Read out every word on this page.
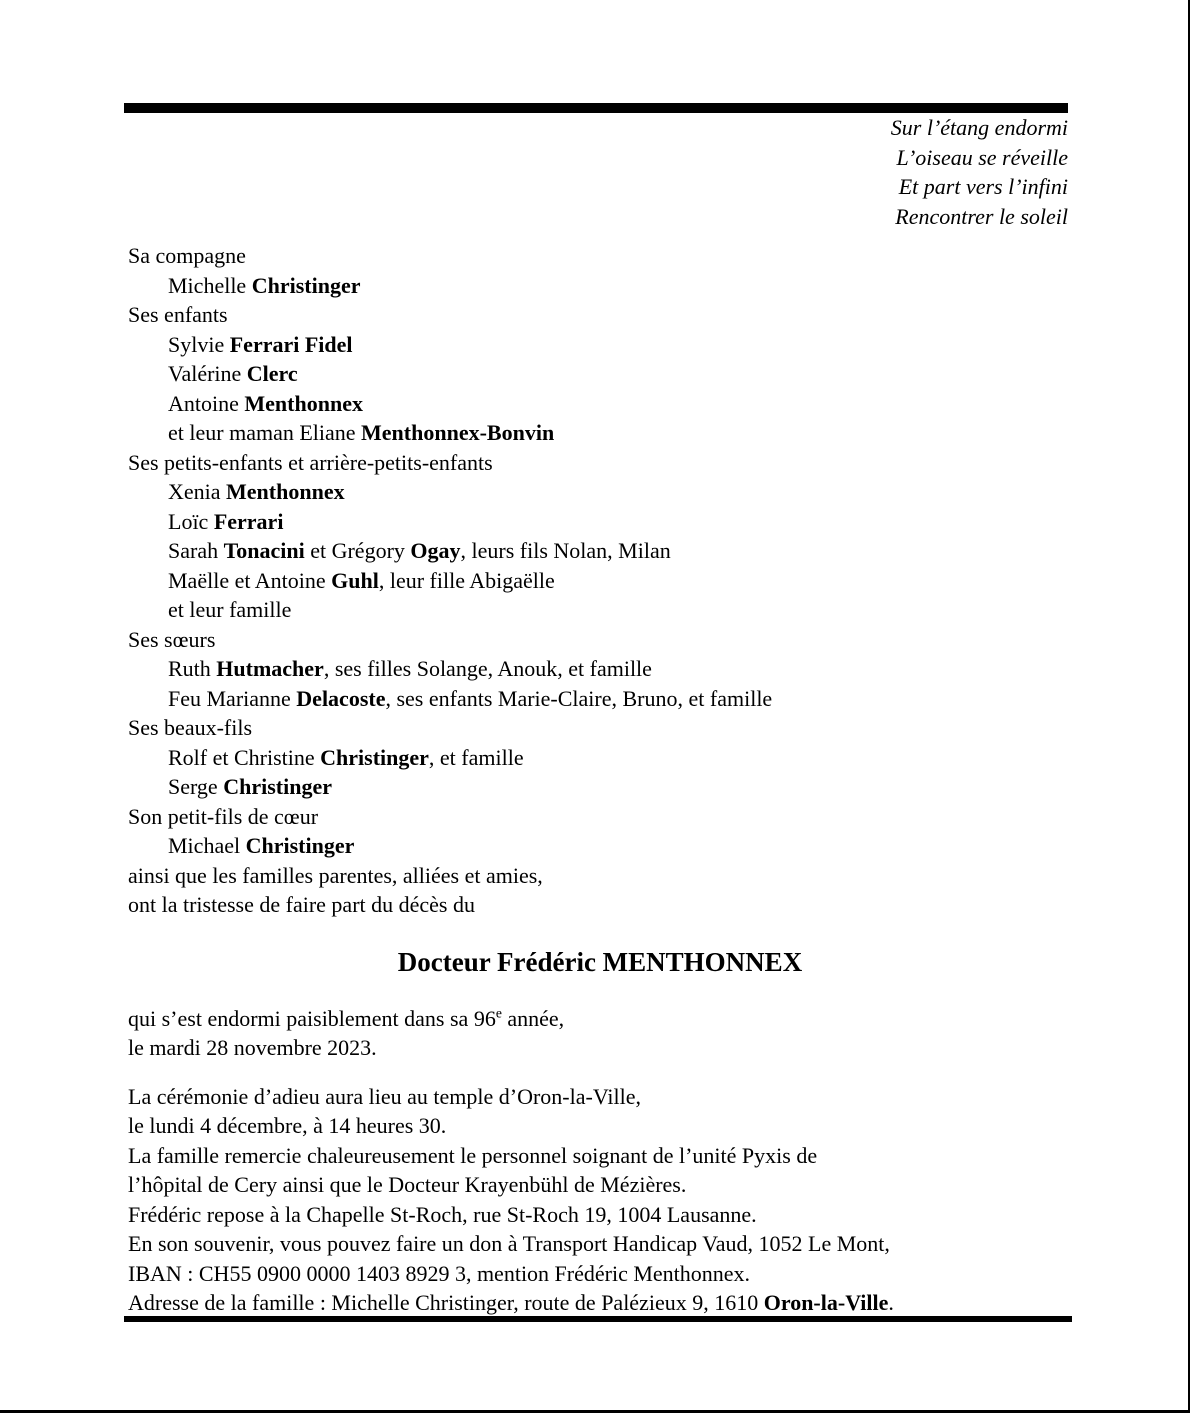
Sur l’étang endormi

L’oiseau se réveille

Et part vers l’infini

Rencontrer le soleil

Sa compagne

Michelle Christinger

Ses enfants

Sylvie Ferrari Fidel

Valérine Clerc

Antoine Menthonnex

et leur maman Eliane Menthonnex-Bonvin

Ses petits-enfants et arrière-petits-enfants

Xenia Menthonnex

Loïc Ferrari

Sarah Tonacini et Grégory Ogay, leurs fils Nolan, Milan

Maëlle et Antoine Guhl, leur fille Abigaëlle

et leur famille

Ses sœurs

Ruth Hutmacher, ses filles Solange, Anouk, et famille

Feu Marianne Delacoste, ses enfants Marie-Claire, Bruno, et famille

Ses beaux-fils

Rolf et Christine Christinger, et famille

Serge Christinger

Son petit-fils de cœur

Michael Christinger

ainsi que les familles parentes, alliées et amies,

ont la tristesse de faire part du décès du

Docteur Frédéric MENTHONNEX

qui s’est endormi paisiblement dans sa 96e année,

le mardi 28 novembre 2023.

La cérémonie d’adieu aura lieu au temple d’Oron-la-Ville,

le lundi 4 décembre, à 14 heures 30.

La famille remercie chaleureusement le personnel soignant de l’unité Pyxis de

l’hôpital de Cery ainsi que le Docteur Krayenbühl de Mézières.

Frédéric repose à la Chapelle St-Roch, rue St-Roch 19, 1004 Lausanne.

En son souvenir, vous pouvez faire un don à Transport Handicap Vaud, 1052 Le Mont,

IBAN : CH55 0900 0000 1403 8929 3, mention Frédéric Menthonnex.

Adresse de la famille : Michelle Christinger, route de Palézieux 9, 1610 Oron-la-Ville.
